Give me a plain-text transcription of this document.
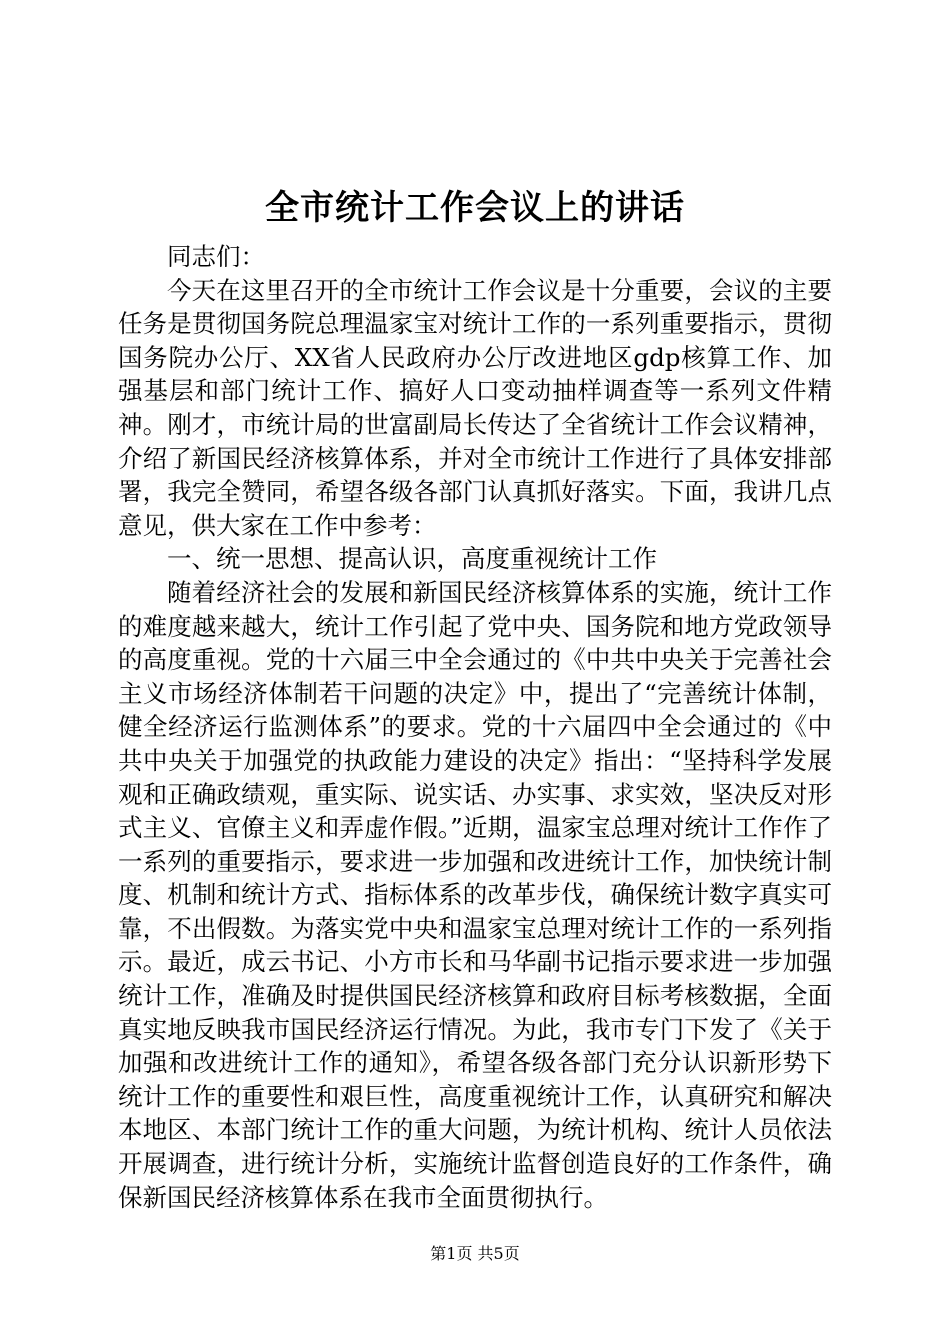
全市统计工作会议上的讲话

同志们：

今天在这里召开的全市统计工作会议是十分重要，会议的主要任务是贯彻国务院总理温家宝对统计工作的一系列重要指示，贯彻国务院办公厅、XX省人民政府办公厅改进地区gdp核算工作、加强基层和部门统计工作、搞好人口变动抽样调查等一系列文件精神。刚才，市统计局的世富副局长传达了全省统计工作会议精神，介绍了新国民经济核算体系，并对全市统计工作进行了具体安排部署，我完全赞同，希望各级各部门认真抓好落实。下面，我讲几点意见，供大家在工作中参考：

一、统一思想、提高认识，高度重视统计工作

随着经济社会的发展和新国民经济核算体系的实施，统计工作的难度越来越大，统计工作引起了党中央、国务院和地方党政领导的高度重视。党的十六届三中全会通过的《中共中央关于完善社会主义市场经济体制若干问题的决定》中，提出了“完善统计体制，健全经济运行监测体系”的要求。党的十六届四中全会通过的《中共中央关于加强党的执政能力建设的决定》指出：“坚持科学发展观和正确政绩观，重实际、说实话、办实事、求实效，坚决反对形式主义、官僚主义和弄虚作假。”近期，温家宝总理对统计工作作了一系列的重要指示，要求进一步加强和改进统计工作，加快统计制度、机制和统计方式、指标体系的改革步伐，确保统计数字真实可靠，不出假数。为落实党中央和温家宝总理对统计工作的一系列指示。最近，成云书记、小方市长和马华副书记指示要求进一步加强统计工作，准确及时提供国民经济核算和政府目标考核数据，全面真实地反映我市国民经济运行情况。为此，我市专门下发了《关于加强和改进统计工作的通知》，希望各级各部门充分认识新形势下统计工作的重要性和艰巨性，高度重视统计工作，认真研究和解决本地区、本部门统计工作的重大问题，为统计机构、统计人员依法开展调查，进行统计分析，实施统计监督创造良好的工作条件，确保新国民经济核算体系在我市全面贯彻执行。

第1页 共5页
